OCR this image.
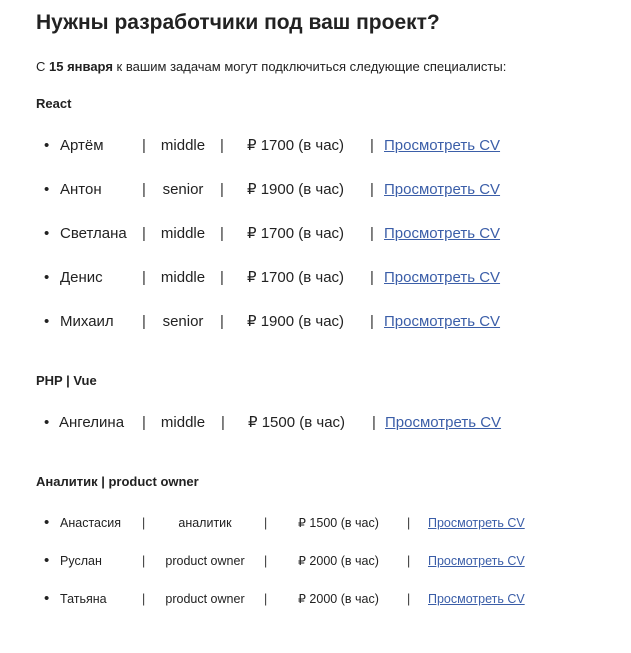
Нужны разработчики под ваш проект?
С 15 января к вашим задачам могут подключиться следующие специалисты:
React
• Артём	| middle | ₽ 1700 (в час) | Просмотреть CV
• Антон	| senior | ₽ 1900 (в час) | Просмотреть CV
• Светлана | middle | ₽ 1700 (в час) | Просмотреть CV
• Денис	| middle | ₽ 1700 (в час) | Просмотреть CV
• Михаил | senior | ₽ 1900 (в час) | Просмотреть CV
PHP | Vue
• Ангелина | middle | ₽ 1500 (в час) | Просмотреть CV
Аналитик | product owner
• Анастасия |	аналитик	| ₽ 1500 (в час) | Просмотреть CV
• Руслан	| product owner | ₽ 2000 (в час) | Просмотреть CV
• Татьяна	| product owner | ₽ 2000 (в час) | Просмотреть CV
